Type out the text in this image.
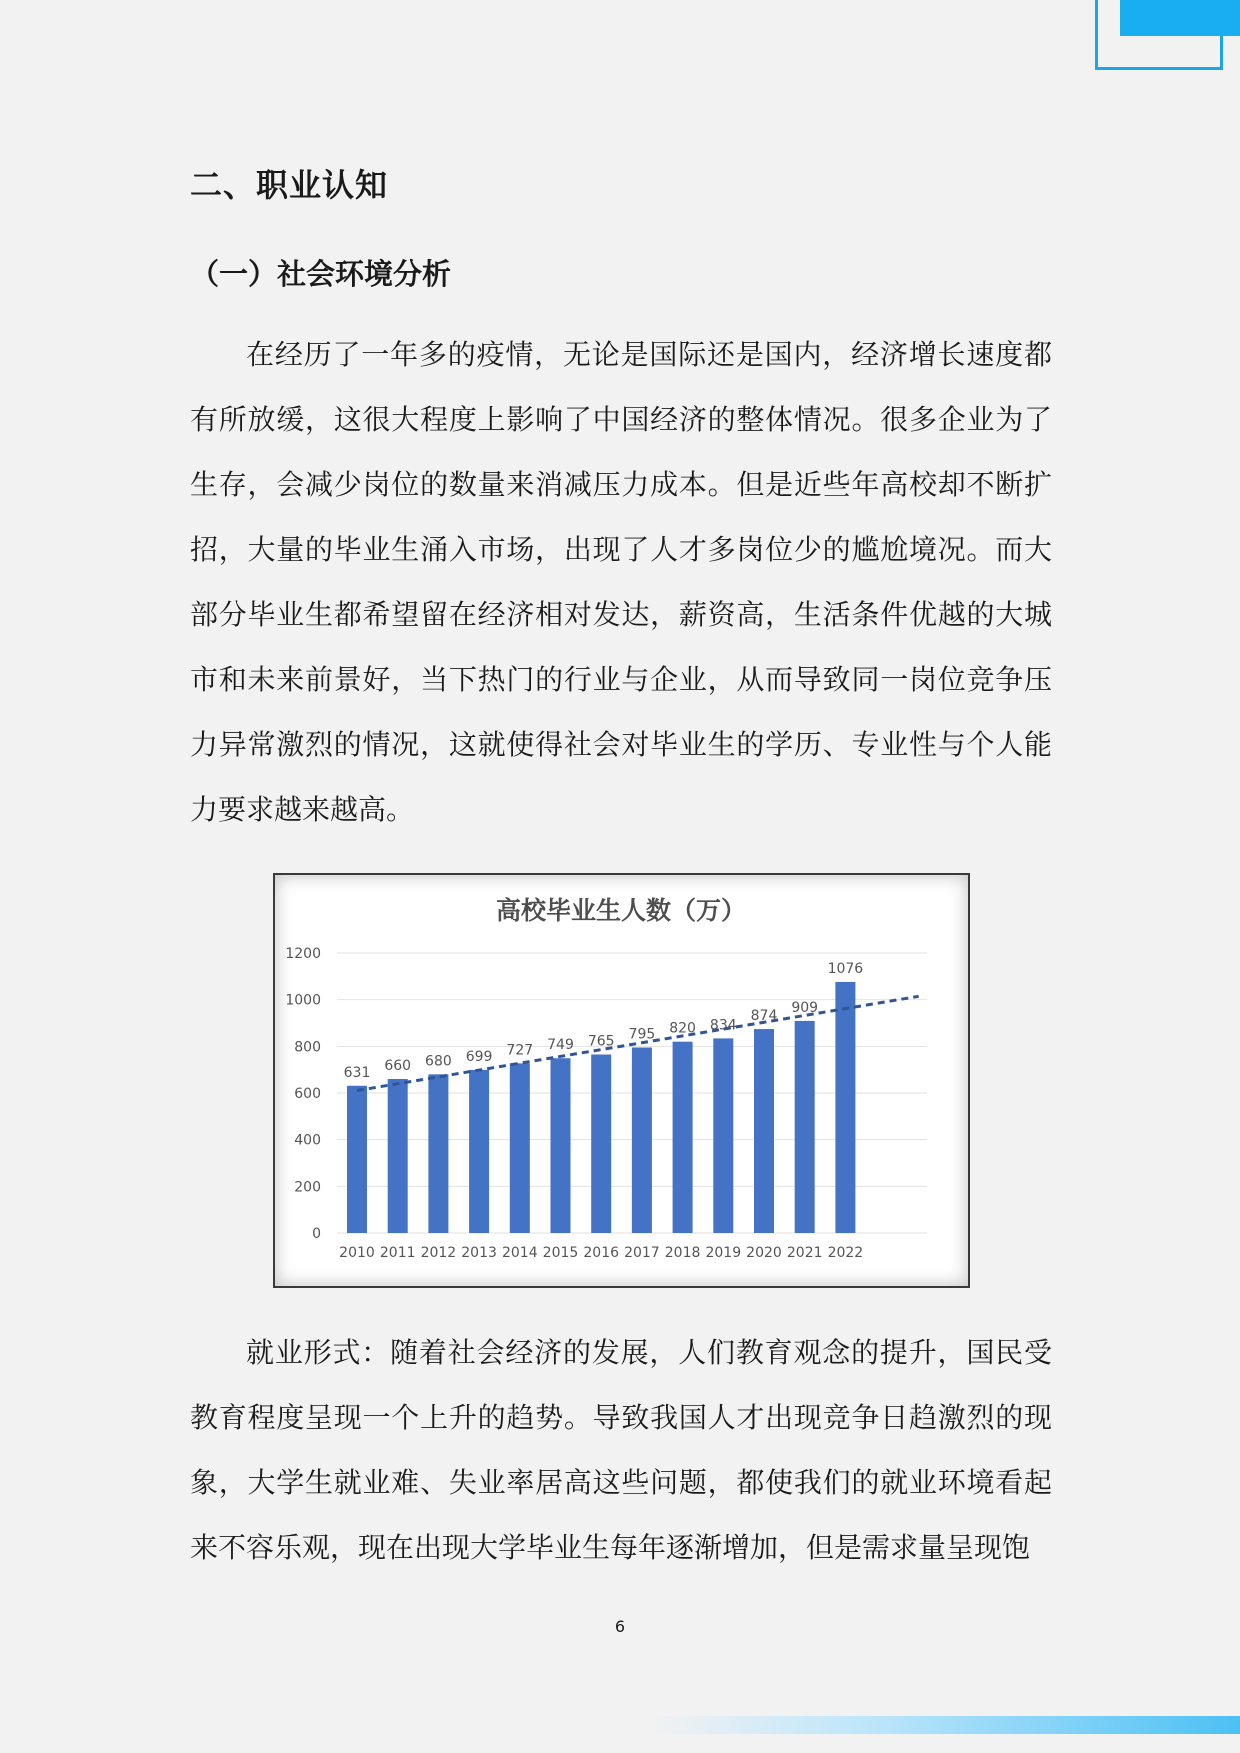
二、职业认知
（一）社会环境分析

在经历了一年多的疫情，无论是国际还是国内，经济增长速度都有所放缓，这很大程度上影响了中国经济的整体情况。很多企业为了生存，会减少岗位的数量来消减压力成本。但是近些年高校却不断扩招，大量的毕业生涌入市场，出现了人才多岗位少的尴尬境况。而大部分毕业生都希望留在经济相对发达，薪资高，生活条件优越的大城市和未来前景好，当下热门的行业与企业，从而导致同一岗位竞争压力异常激烈的情况，这就使得社会对毕业生的学历、专业性与个人能力要求越来越高。

高校毕业生人数（万）
0
200
400
600
800
1000
1200
631
2010
660
2011
680
2012
699
2013
727
2014
749
2015
765
2016
795
2017
820
2018
834
2019
874
2020
909
2021
1076
2022

就业形式：随着社会经济的发展，人们教育观念的提升，国民受教育程度呈现一个上升的趋势。导致我国人才出现竞争日趋激烈的现象，大学生就业难、失业率居高这些问题，都使我们的就业环境看起来不容乐观，现在出现大学毕业生每年逐渐增加，但是需求量呈现饱

6
